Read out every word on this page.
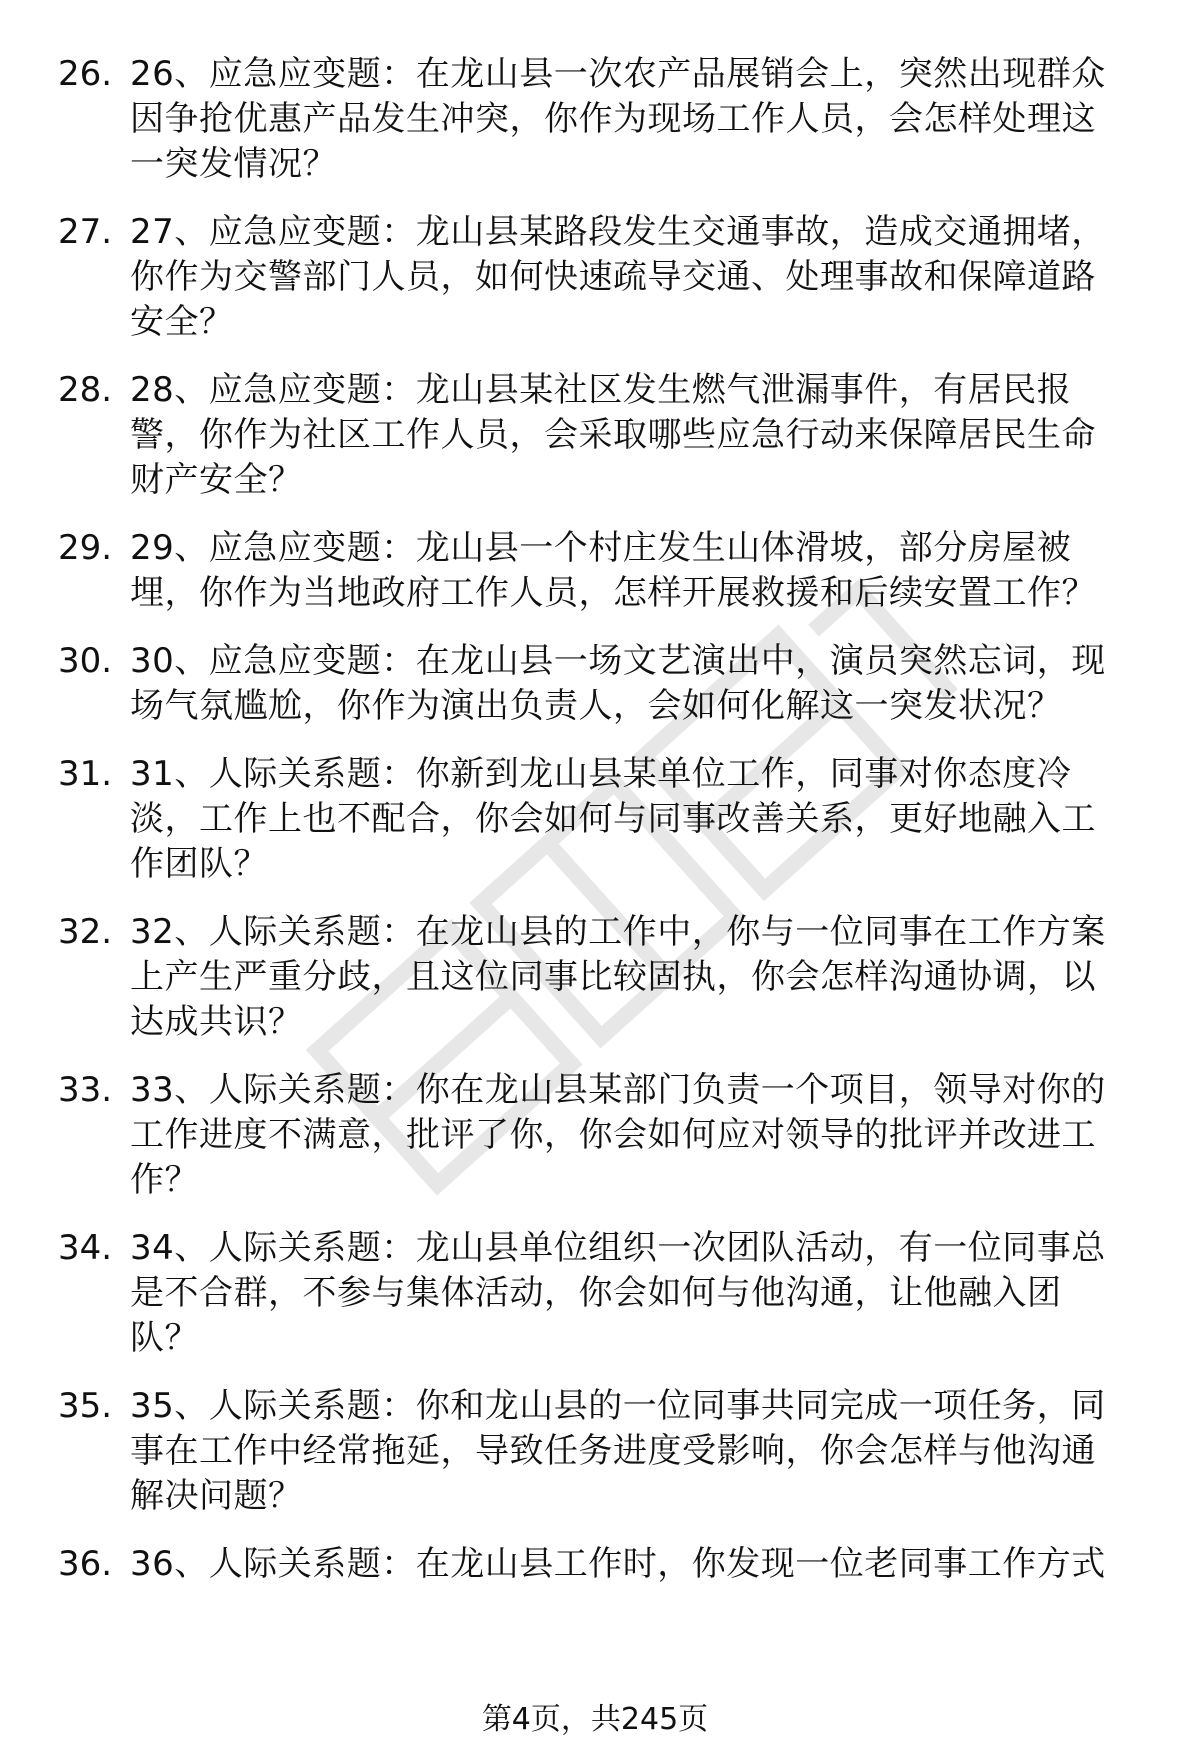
26. 26、应急应变题：在龙山县一次农产品展销会上，突然出现群众
因争抢优惠产品发生冲突，你作为现场工作人员，会怎样处理这
一突发情况？
27. 27、应急应变题：龙山县某路段发生交通事故，造成交通拥堵，
你作为交警部门人员，如何快速疏导交通、处理事故和保障道路
安全？
28. 28、应急应变题：龙山县某社区发生燃气泄漏事件，有居民报
警，你作为社区工作人员，会采取哪些应急行动来保障居民生命
财产安全？
29. 29、应急应变题：龙山县一个村庄发生山体滑坡，部分房屋被
埋，你作为当地政府工作人员，怎样开展救援和后续安置工作？
30. 30、应急应变题：在龙山县一场文艺演出中，演员突然忘词，现
场气氛尴尬，你作为演出负责人，会如何化解这一突发状况？
31. 31、人际关系题：你新到龙山县某单位工作，同事对你态度冷
淡，工作上也不配合，你会如何与同事改善关系，更好地融入工
作团队？
32. 32、人际关系题：在龙山县的工作中，你与一位同事在工作方案
上产生严重分歧，且这位同事比较固执，你会怎样沟通协调，以
达成共识？
33. 33、人际关系题：你在龙山县某部门负责一个项目，领导对你的
工作进度不满意，批评了你，你会如何应对领导的批评并改进工
作？
34. 34、人际关系题：龙山县单位组织一次团队活动，有一位同事总
是不合群，不参与集体活动，你会如何与他沟通，让他融入团
队？
35. 35、人际关系题：你和龙山县的一位同事共同完成一项任务，同
事在工作中经常拖延，导致任务进度受影响，你会怎样与他沟通
解决问题？
36. 36、人际关系题：在龙山县工作时，你发现一位老同事工作方式
第4页，共245页
